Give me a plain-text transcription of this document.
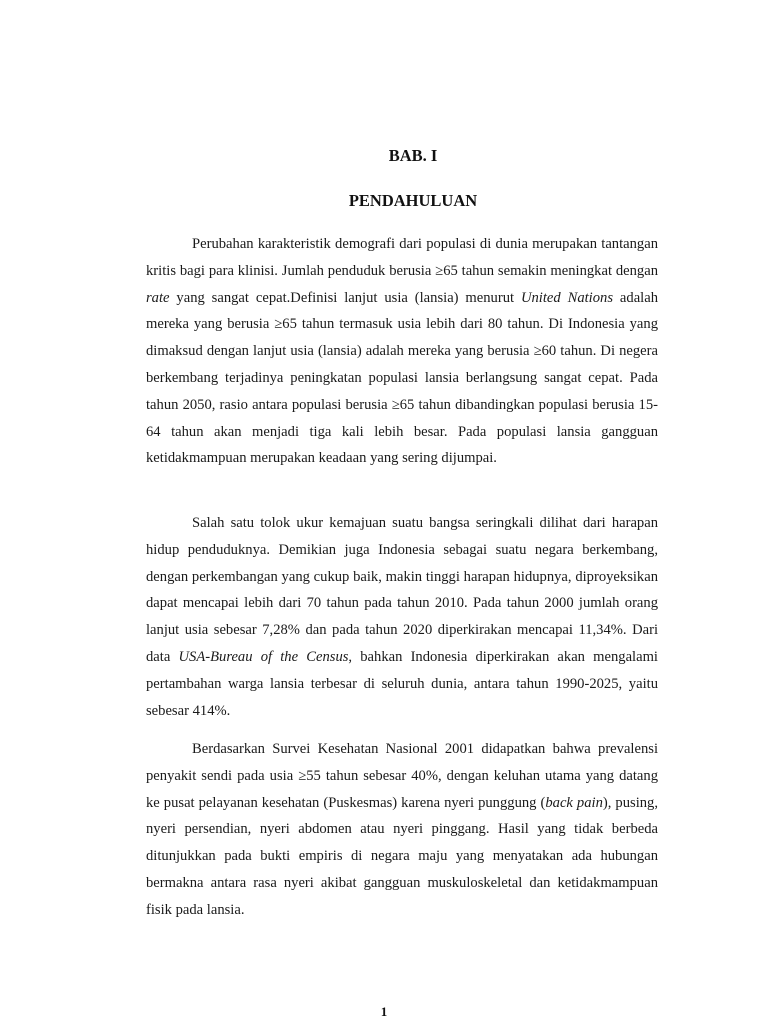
BAB. I
PENDAHULUAN

Perubahan karakteristik demografi dari populasi di dunia merupakan tantangan kritis bagi para klinisi. Jumlah penduduk berusia ≥65 tahun semakin meningkat dengan rate yang sangat cepat.Definisi lanjut usia (lansia) menurut United Nations adalah mereka yang berusia ≥65 tahun termasuk usia lebih dari 80 tahun. Di Indonesia yang dimaksud dengan lanjut usia (lansia) adalah mereka yang berusia ≥60 tahun. Di negera berkembang terjadinya peningkatan populasi lansia berlangsung sangat cepat. Pada tahun 2050, rasio antara populasi berusia ≥65 tahun dibandingkan populasi berusia 15-64 tahun akan menjadi tiga kali lebih besar. Pada populasi lansia gangguan ketidakmampuan merupakan keadaan yang sering dijumpai.

Salah satu tolok ukur kemajuan suatu bangsa seringkali dilihat dari harapan hidup penduduknya. Demikian juga Indonesia sebagai suatu negara berkembang, dengan perkembangan yang cukup baik, makin tinggi harapan hidupnya, diproyeksikan dapat mencapai lebih dari 70 tahun pada tahun 2010. Pada tahun 2000 jumlah orang lanjut usia sebesar 7,28% dan pada tahun 2020 diperkirakan mencapai 11,34%. Dari data USA-Bureau of the Census, bahkan Indonesia diperkirakan akan mengalami pertambahan warga lansia terbesar di seluruh dunia, antara tahun 1990-2025, yaitu sebesar 414%.

Berdasarkan Survei Kesehatan Nasional 2001 didapatkan bahwa prevalensi penyakit sendi pada usia ≥55 tahun sebesar 40%, dengan keluhan utama yang datang ke pusat pelayanan kesehatan (Puskesmas) karena nyeri punggung (back pain), pusing, nyeri persendian, nyeri abdomen atau nyeri pinggang. Hasil yang tidak berbeda ditunjukkan pada bukti empiris di negara maju yang menyatakan ada hubungan bermakna antara rasa nyeri akibat gangguan muskuloskeletal dan ketidakmampuan fisik pada lansia.

1
